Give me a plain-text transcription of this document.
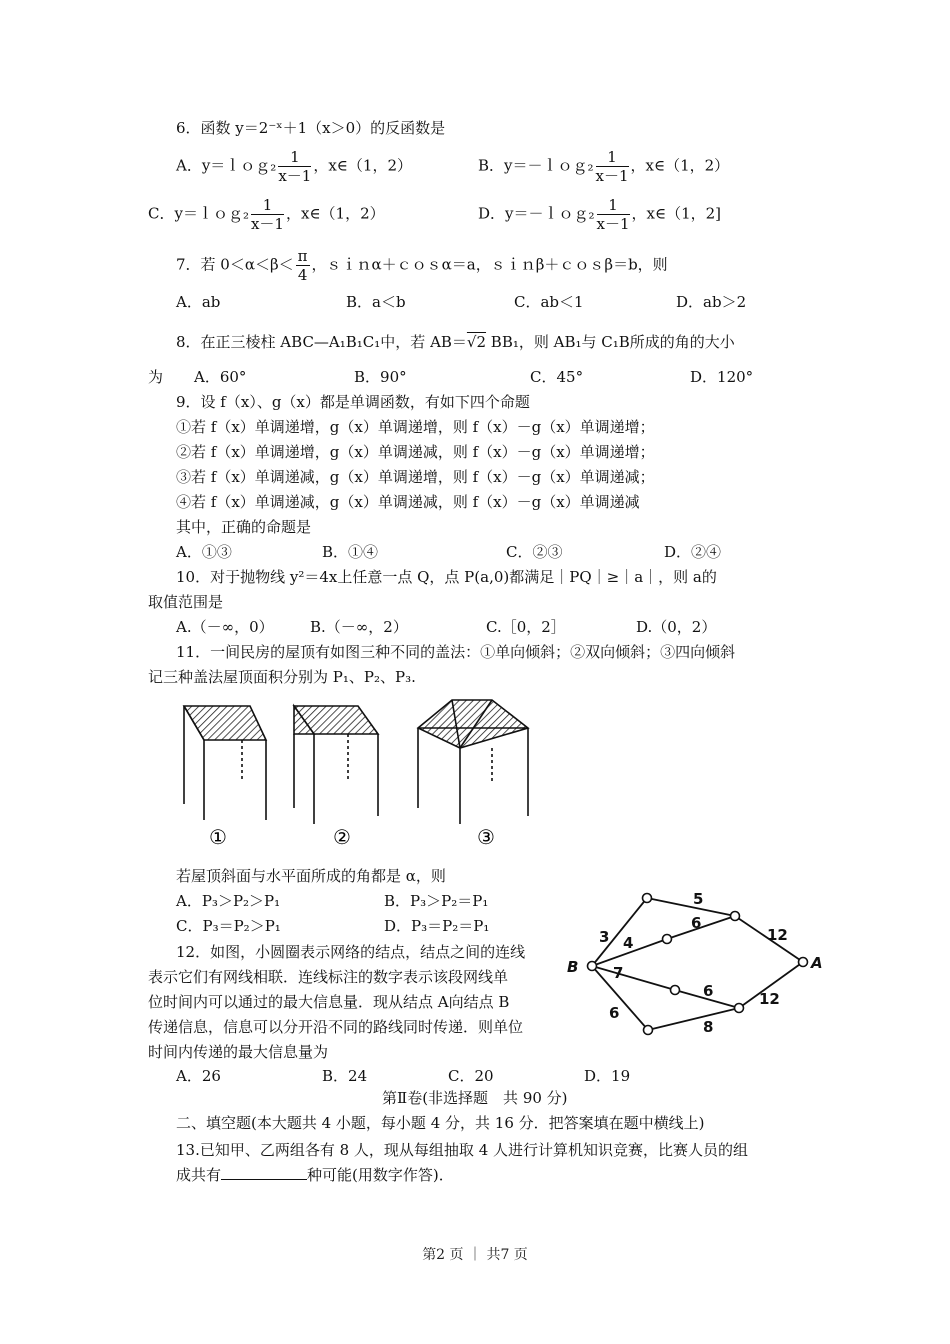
6．函数 y＝2⁻ˣ＋1（x＞0）的反函数是
A．y＝ｌｏｇ₂ $\frac{1}{x-1}$ ，x∈（1，2）	B．y＝－ｌｏｇ₂ $\frac{1}{x-1}$ ，x∈（1，2）
C．y＝ｌｏｇ₂ $\frac{1}{x-1}$ ，x∈（1，2）	D．y＝－ｌｏｇ₂ $\frac{1}{x-1}$ ，x∈（1，2]
7．若 $0<\alpha<\beta< \frac{\pi}{4}$ ，ｓｉｎα＋ｃｏｓα＝a，ｓｉｎβ＋ｃｏｓβ＝b，则
A．ab	B．a＜b	C．ab＜1	D．ab＞2
8．在正三棱柱 ABC—A₁B₁C₁中，若 AB＝√2 BB₁，则 AB₁与 C₁B所成的角的大小
为 A．60°	B．90°	C．45°	D．120°
9．设 f（x）、g（x）都是单调函数，有如下四个命题
①若 f（x）单调递增，g（x）单调递增，则 f（x）－g（x）单调递增；
②若 f（x）单调递增，g（x）单调递减，则 f（x）－g（x）单调递增；
③若 f（x）单调递减，g（x）单调递增，则 f（x）－g（x）单调递减；
④若 f（x）单调递减，g（x）单调递减，则 f（x）－g（x）单调递减
其中，正确的命题是
A．①③	B．①④	C．②③	D．②④
10．对于抛物线 y²＝4x上任意一点 Q，点 P(a,0)都满足｜PQ｜≥｜a｜，则 a的
取值范围是
A.（－∞，0） B.（－∞，2）	C.［0，2］	D.（0，2）
11．一间民房的屋顶有如图三种不同的盖法：①单向倾斜；②双向倾斜；③四向倾斜
记三种盖法屋顶面积分别为 P₁、P₂、P₃.
①	②	③
若屋顶斜面与水平面所成的角都是 α，则
A．P₃＞P₂＞P₁	B．P₃＞P₂＝P₁
C．P₃＝P₂＞P₁	D．P₃＝P₂＝P₁
B	A
3
5
4
6
12
7
6	12
6
8
12．如图，小圆圈表示网络的结点，结点之间的连线
表示它们有网线相联．连线标注的数字表示该段网线单
位时间内可以通过的最大信息量．现从结点 A向结点 B
传递信息，信息可以分开沿不同的路线同时传递．则单位
时间内传递的最大信息量为
A．26	B．24	C．20	D．19
第Ⅱ卷(非选择题　共 90 分)
二、填空题(本大题共 4 小题，每小题 4 分，共 16 分．把答案填在题中横线上)
13.已知甲、乙两组各有 8 人，现从每组抽取 4 人进行计算机知识竞赛，比赛人员的组
成共有	种可能(用数字作答)．
第2 页 ｜ 共7 页
